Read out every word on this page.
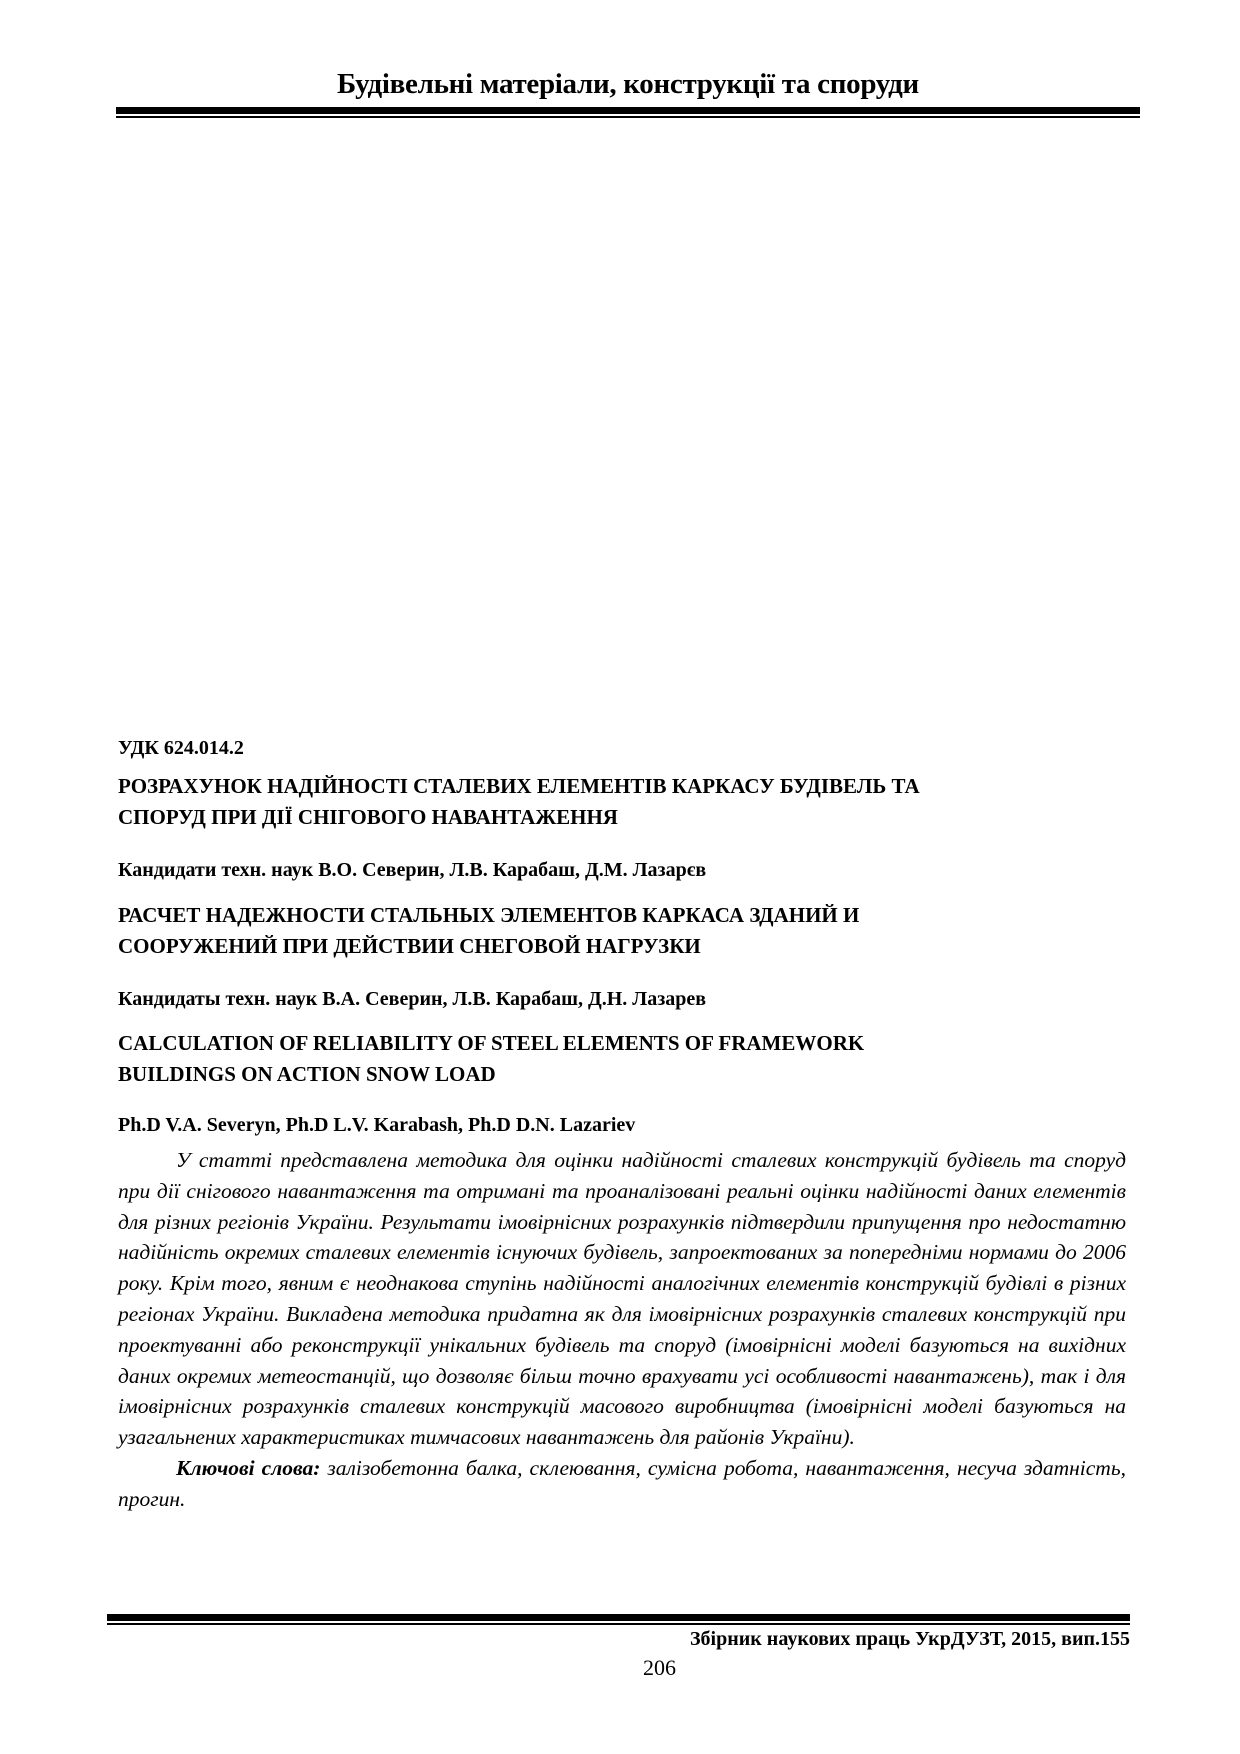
Будівельні матеріали, конструкції та споруди
УДК 624.014.2
РОЗРАХУНОК НАДІЙНОСТІ СТАЛЕВИХ ЕЛЕМЕНТІВ КАРКАСУ БУДІВЕЛЬ ТА
СПОРУД ПРИ ДІЇ СНІГОВОГО НАВАНТАЖЕННЯ
Кандидати техн. наук В.О. Северин, Л.В. Карабаш, Д.М. Лазарєв
РАСЧЕТ НАДЕЖНОСТИ СТАЛЬНЫХ ЭЛЕМЕНТОВ КАРКАСА ЗДАНИЙ И
СООРУЖЕНИЙ ПРИ ДЕЙСТВИИ СНЕГОВОЙ НАГРУЗКИ
Кандидаты техн. наук В.А. Северин, Л.В. Карабаш, Д.Н. Лазарев
CALCULATION OF RELIABILITY OF STEEL ELEMENTS OF FRAMEWORK
BUILDINGS ON ACTION SNOW LOAD
Ph.D V.A. Severyn, Ph.D L.V. Karabash, Ph.D D.N. Lazariev

У статті представлена методика для оцінки надійності сталевих конструкцій будівель та споруд при дії снігового навантаження та отримані та проаналізовані реальні оцінки надійності даних елементів для різних регіонів України. Результати імовірнісних розрахунків підтвердили припущення про недостатню надійність окремих сталевих елементів існуючих будівель, запроектованих за попередніми нормами до 2006 року. Крім того, явним є неоднакова ступінь надійності аналогічних елементів конструкцій будівлі в різних регіонах України. Викладена методика придатна як для імовірнісних розрахунків сталевих конструкцій при проектуванні або реконструкції унікальних будівель та споруд (імовірнісні моделі базуються на вихідних даних окремих метеостанцій, що дозволяє більш точно врахувати усі особливості навантажень), так і для імовірнісних розрахунків сталевих конструкцій масового виробництва (імовірнісні моделі базуються на узагальнених характеристиках тимчасових навантажень для районів України).

Ключові слова: залізобетонна балка, склеювання, сумісна робота, навантаження, несуча здатність, прогин.

Збірник наукових праць УкрДУЗТ, 2015, вип.155
206
